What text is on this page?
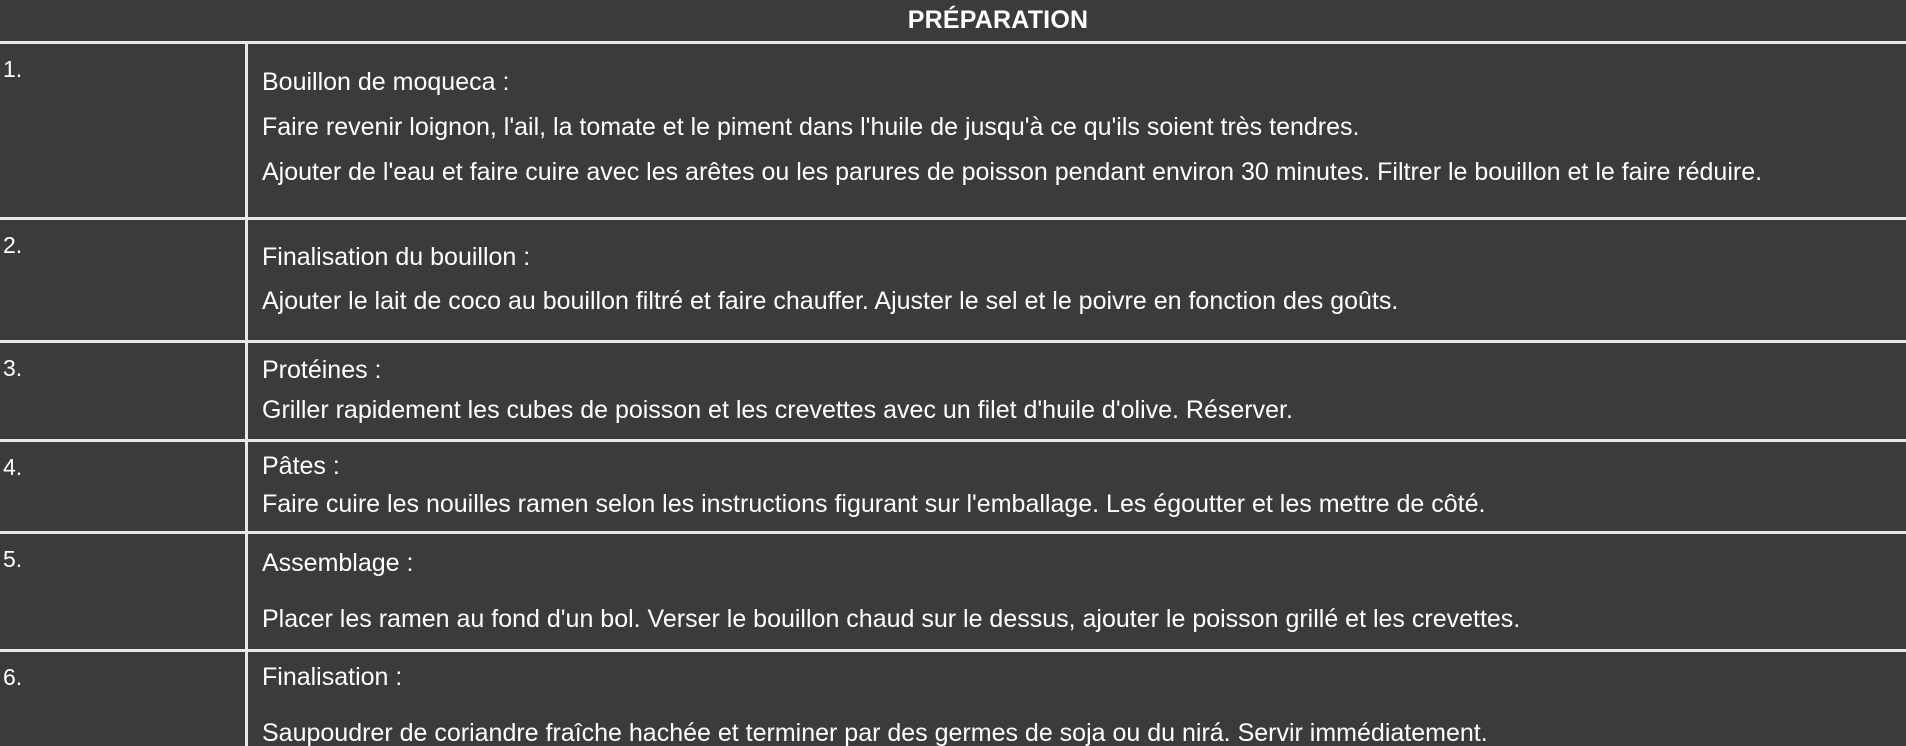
PRÉPARATION
1.	Bouillon de moqueca :
Faire revenir loignon, l'ail, la tomate et le piment dans l'huile de jusqu'à ce qu'ils soient très tendres.
Ajouter de l'eau et faire cuire avec les arêtes ou les parures de poisson pendant environ 30 minutes. Filtrer le bouillon et le faire réduire.
2.	Finalisation du bouillon :
Ajouter le lait de coco au bouillon filtré et faire chauffer. Ajuster le sel et le poivre en fonction des goûts.
3.	Protéines :
Griller rapidement les cubes de poisson et les crevettes avec un filet d'huile d'olive. Réserver.
4.	Pâtes :
Faire cuire les nouilles ramen selon les instructions figurant sur l'emballage. Les égoutter et les mettre de côté.
5.	Assemblage :
Placer les ramen au fond d'un bol. Verser le bouillon chaud sur le dessus, ajouter le poisson grillé et les crevettes.
6.	Finalisation :
Saupoudrer de coriandre fraîche hachée et terminer par des germes de soja ou du nirá. Servir immédiatement.
